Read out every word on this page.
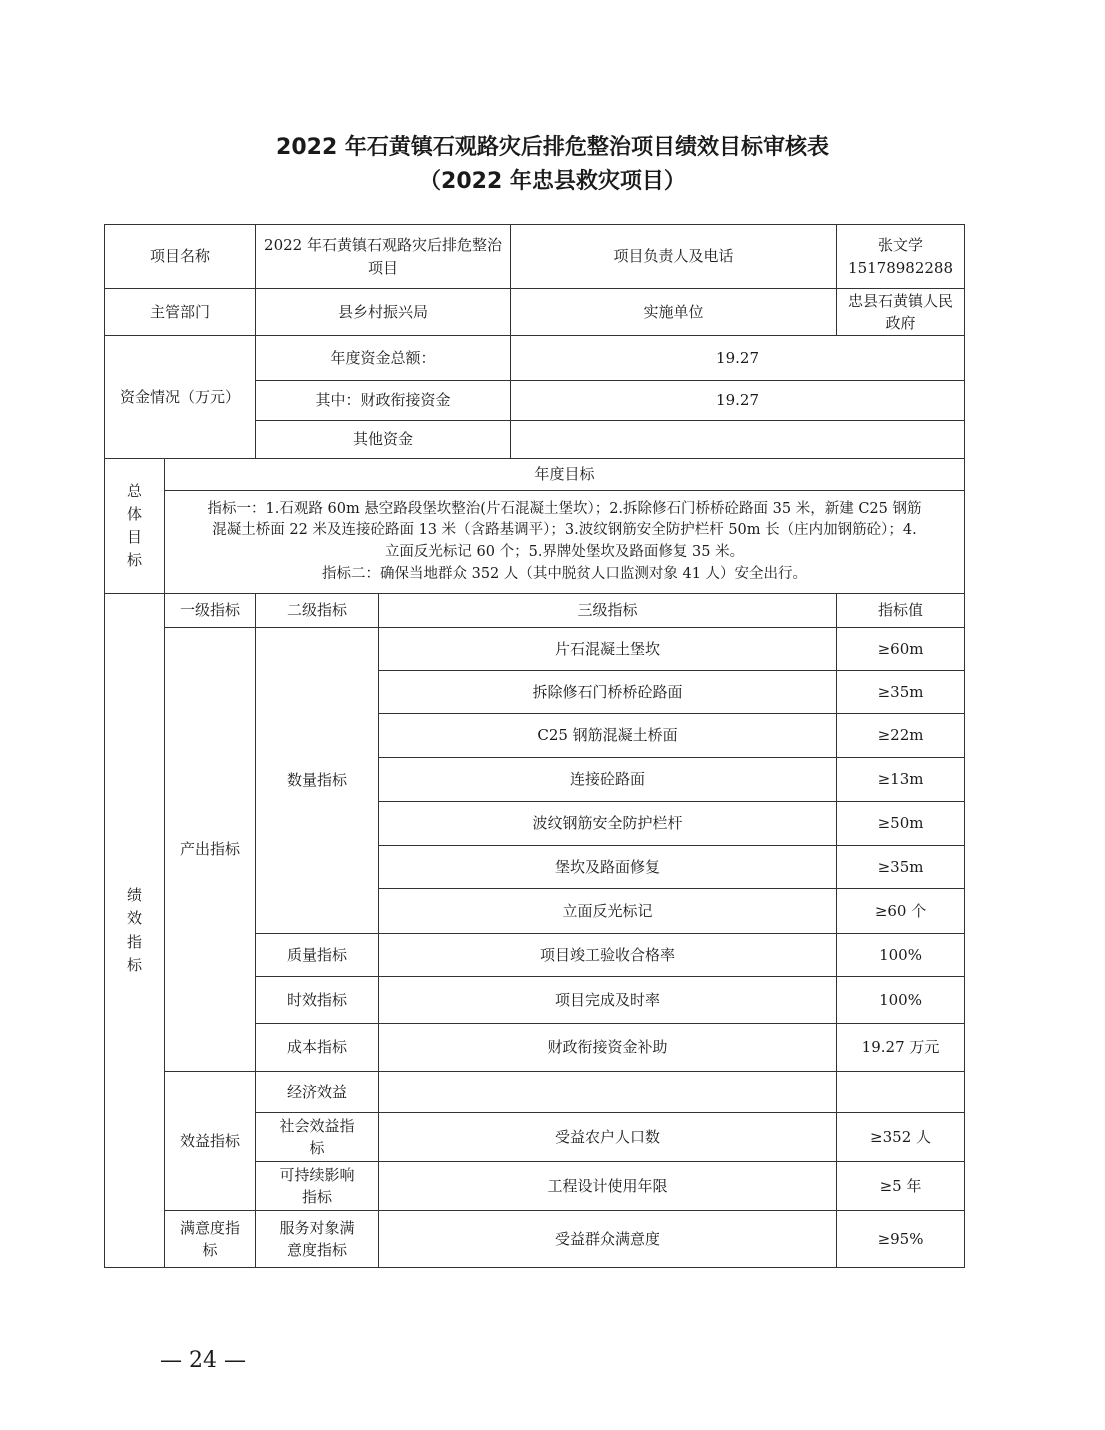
2022 年石黄镇石观路灾后排危整治项目绩效目标审核表
（2022 年忠县救灾项目）
项目名称		2022 年石黄镇石观路灾后排危整治项目		项目负责人及电话	张文学 15178982288
主管部门		县乡村振兴局		实施单位	忠县石黄镇人民政府
资金情况（万元）		年度资金总额：		19.27	
		其中：财政衔接资金		19.27	
		其他资金			
总体目标	年度目标				

	指标一：1.石观路 60m 悬空路段堡坎整治(片石混凝土堡坎）；2.拆除修石门桥桥砼路面 35 米，新建 C25 钢筋
混凝土桥面 22 米及连接砼路面 13 米（含路基调平）；3.波纹钢筋安全防护栏杆 50m 长（庄内加钢筋砼）；4.
立面反光标记 60 个；5.界牌处堡坎及路面修复 35 米。
指标二：确保当地群众 352 人（其中脱贫人口监测对象 41 人）安全出行。				

绩效指标	一级指标	二级指标	三级指标		指标值
	产出指标	数量指标	片石混凝土堡坎		≥60m
			拆除修石门桥桥砼路面		≥35m
			C25 钢筋混凝土桥面		≥22m
			连接砼路面		≥13m
			波纹钢筋安全防护栏杆		≥50m
			堡坎及路面修复		≥35m
			立面反光标记		≥60 个
		质量指标	项目竣工验收合格率		100%
		时效指标	项目完成及时率		100%
		成本指标	财政衔接资金补助		19.27 万元
	效益指标	经济效益			
		社会效益指标	受益农户人口数		≥352 人
		可持续影响指标	工程设计使用年限		≥5 年
	满意度指标	服务对象满意度指标	受益群众满意度		≥95%
— 24 —
